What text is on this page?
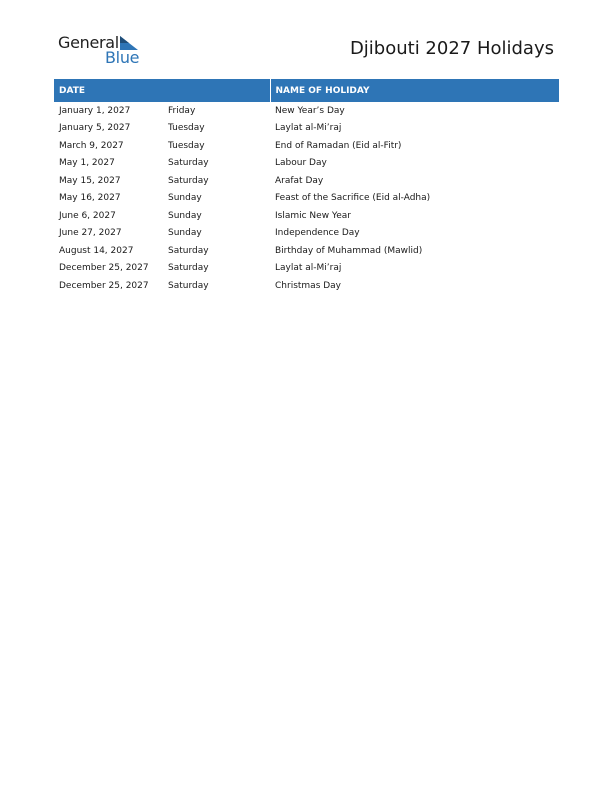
General
Blue	Djibouti 2027 Holidays
DATE		NAME OF HOLIDAY
January 1, 2027	Friday	New Year’s Day
January 5, 2027	Tuesday	Laylat al-Mi’raj
March 9, 2027	Tuesday	End of Ramadan (Eid al-Fitr)
May 1, 2027	Saturday	Labour Day
May 15, 2027	Saturday	Arafat Day
May 16, 2027	Sunday	Feast of the Sacrifice (Eid al-Adha)
June 6, 2027	Sunday	Islamic New Year
June 27, 2027	Sunday	Independence Day
August 14, 2027	Saturday	Birthday of Muhammad (Mawlid)
December 25, 2027	Saturday	Laylat al-Mi’raj
December 25, 2027	Saturday	Christmas Day
